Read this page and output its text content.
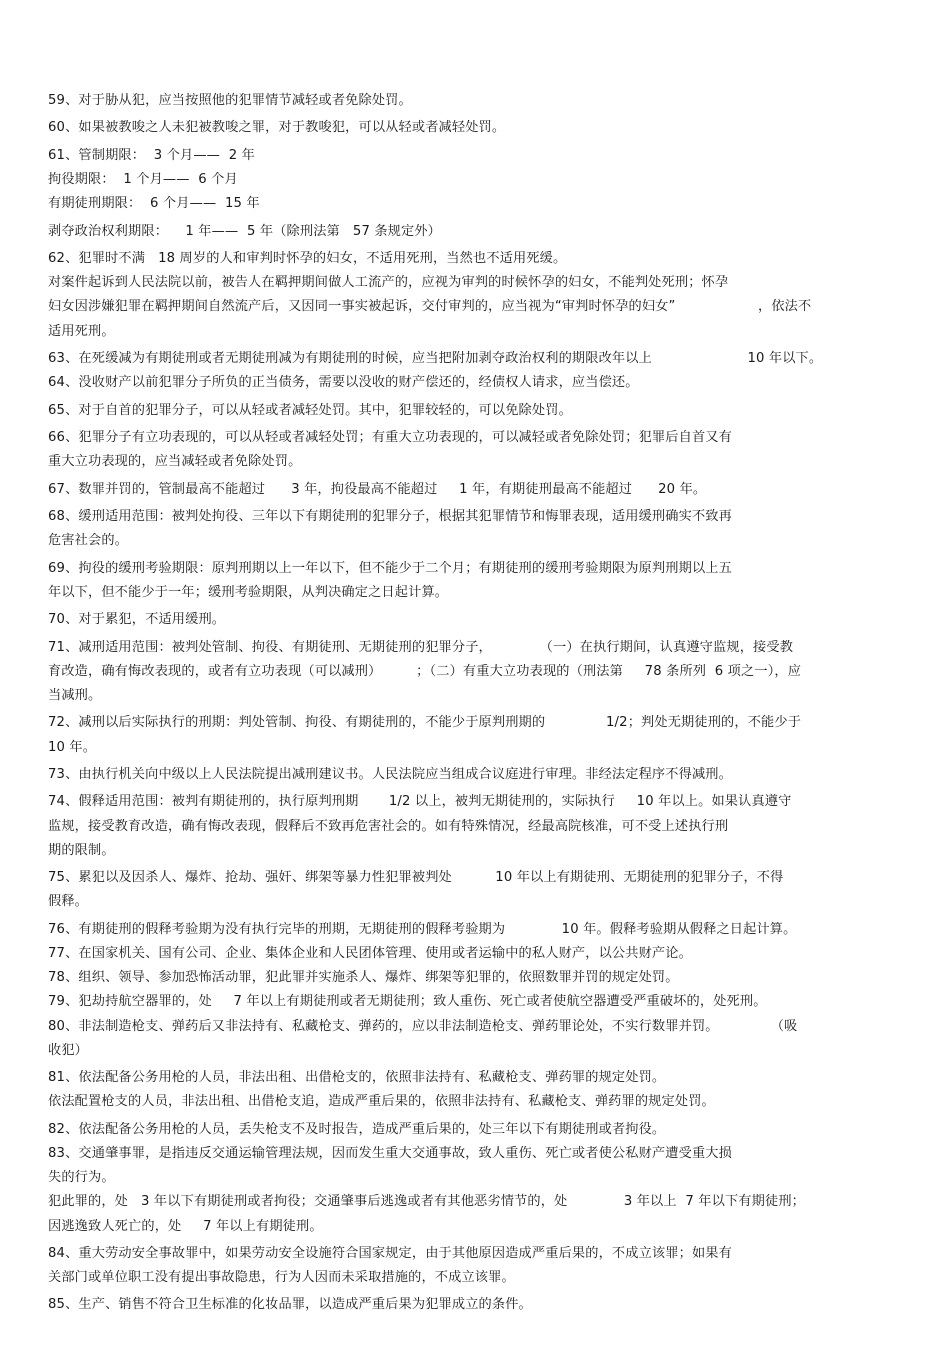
59、对于胁从犯，应当按照他的犯罪情节减轻或者免除处罚。
60、如果被教唆之人未犯被教唆之罪，对于教唆犯，可以从轻或者减轻处罚。
61、管制期限：  3 个月——  2 年
拘役期限：  1 个月——  6 个月
有期徒刑期限：  6 个月——  15 年
剥夺政治权利期限：    1 年——  5 年（除刑法第   57 条规定外）
62、犯罪时不满   18 周岁的人和审判时怀孕的妇女，不适用死刑，当然也不适用死缓。
对案件起诉到人民法院以前，被告人在羁押期间做人工流产的，应视为审判的时候怀孕的妇女，不能判处死刑；怀孕
妇女因涉嫌犯罪在羁押期间自然流产后，又因同一事实被起诉，交付审判的，应当视为“审判时怀孕的妇女”                   ，依法不
适用死刑。
63、在死缓减为有期徒刑或者无期徒刑减为有期徒刑的时候，应当把附加剥夺政治权利的期限改年以上                      10 年以下。
64、没收财产以前犯罪分子所负的正当债务，需要以没收的财产偿还的，经债权人请求，应当偿还。
65、对于自首的犯罪分子，可以从轻或者减轻处罚。其中，犯罪较轻的，可以免除处罚。
66、犯罪分子有立功表现的，可以从轻或者减轻处罚；有重大立功表现的，可以减轻或者免除处罚；犯罪后自首又有
重大立功表现的，应当减轻或者免除处罚。
67、数罪并罚的，管制最高不能超过      3 年，拘役最高不能超过     1 年，有期徒刑最高不能超过      20 年。
68、缓刑适用范围：被判处拘役、三年以下有期徒刑的犯罪分子，根据其犯罪情节和悔罪表现，适用缓刑确实不致再
危害社会的。
69、拘役的缓刑考验期限：原判刑期以上一年以下，但不能少于二个月；有期徒刑的缓刑考验期限为原判刑期以上五
年以下，但不能少于一年；缓刑考验期限，从判决确定之日起计算。
70、对于累犯，不适用缓刑。
71、减刑适用范围：被判处管制、拘役、有期徒刑、无期徒刑的犯罪分子，           （一）在执行期间，认真遵守监规，接受教
育改造，确有悔改表现的，或者有立功表现（可以减刑）        ；（二）有重大立功表现的（刑法第     78 条所列  6 项之一），应
当减刑。
72、减刑以后实际执行的刑期：判处管制、拘役、有期徒刑的，不能少于原判刑期的              1/2；判处无期徒刑的，不能少于
10 年。
73、由执行机关向中级以上人民法院提出减刑建议书。人民法院应当组成合议庭进行审理。非经法定程序不得减刑。
74、假释适用范围：被判有期徒刑的，执行原判刑期       1/2 以上，被判无期徒刑的，实际执行     10 年以上。如果认真遵守
监规，接受教育改造，确有悔改表现，假释后不致再危害社会的。如有特殊情况，经最高院核准，可不受上述执行刑
期的限制。
75、累犯以及因杀人、爆炸、抢劫、强奸、绑架等暴力性犯罪被判处          10 年以上有期徒刑、无期徒刑的犯罪分子，不得
假释。
76、有期徒刑的假释考验期为没有执行完毕的刑期，无期徒刑的假释考验期为             10 年。假释考验期从假释之日起计算。
77、在国家机关、国有公司、企业、集体企业和人民团体管理、使用或者运输中的私人财产，以公共财产论。
78、组织、领导、参加恐怖活动罪，犯此罪并实施杀人、爆炸、绑架等犯罪的，依照数罪并罚的规定处罚。
79、犯劫持航空器罪的，处     7 年以上有期徒刑或者无期徒刑；致人重伤、死亡或者使航空器遭受严重破坏的，处死刑。
80、非法制造枪支、弹药后又非法持有、私藏枪支、弹药的，应以非法制造枪支、弹药罪论处，不实行数罪并罚。            （吸
收犯）
81、依法配备公务用枪的人员，非法出租、出借枪支的，依照非法持有、私藏枪支、弹药罪的规定处罚。
依法配置枪支的人员，非法出租、出借枪支追，造成严重后果的，依照非法持有、私藏枪支、弹药罪的规定处罚。
82、依法配备公务用枪的人员，丢失枪支不及时报告，造成严重后果的，处三年以下有期徒刑或者拘役。
83、交通肇事罪，是指违反交通运输管理法规，因而发生重大交通事故，致人重伤、死亡或者使公私财产遭受重大损
失的行为。
犯此罪的，处   3 年以下有期徒刑或者拘役；交通肇事后逃逸或者有其他恶劣情节的，处             3 年以上  7 年以下有期徒刑；
因逃逸致人死亡的，处     7 年以上有期徒刑。
84、重大劳动安全事故罪中，如果劳动安全设施符合国家规定，由于其他原因造成严重后果的，不成立该罪；如果有
关部门或单位职工没有提出事故隐患，行为人因而未采取措施的，不成立该罪。
85、生产、销售不符合卫生标准的化妆品罪，以造成严重后果为犯罪成立的条件。
